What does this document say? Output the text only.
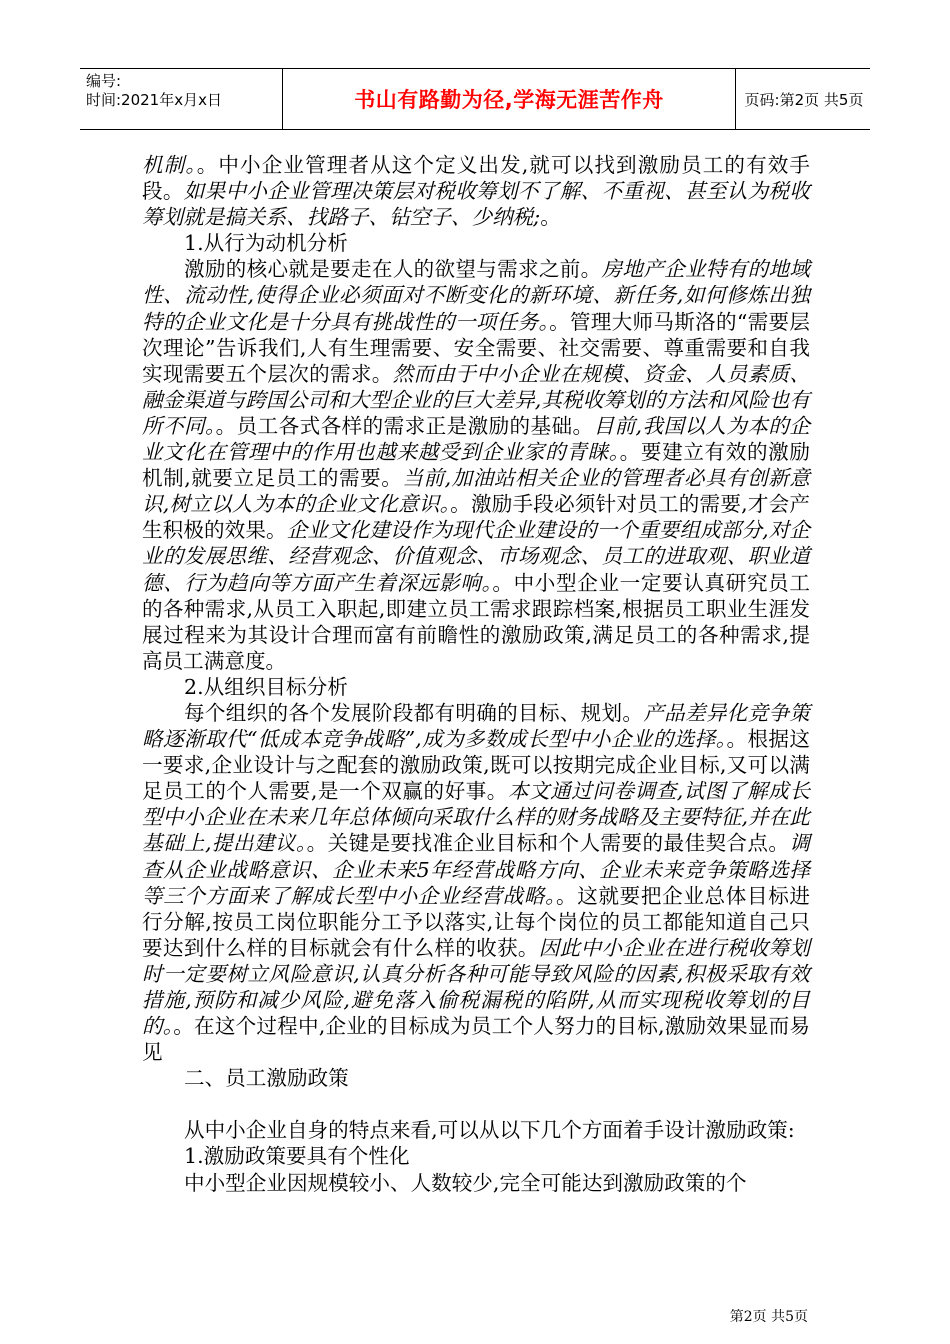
编号:
时间:2021年x月x日	书山有路勤为径,学海无涯苦作舟	页码:第2页 共5页

机制。。中小企业管理者从这个定义出发,就可以找到激励员工的有效手段。如果中小企业管理决策层对税收筹划不了解、不重视、甚至认为税收筹划就是搞关系、找路子、钻空子、少纳税;。

1.从行为动机分析

激励的核心就是要走在人的欲望与需求之前。房地产企业特有的地域性、流动性,使得企业必须面对不断变化的新环境、新任务,如何修炼出独特的企业文化是十分具有挑战性的一项任务。。管理大师马斯洛的“需要层次理论”告诉我们,人有生理需要、安全需要、社交需要、尊重需要和自我实现需要五个层次的需求。然而由于中小企业在规模、资金、人员素质、融金渠道与跨国公司和大型企业的巨大差异,其税收筹划的方法和风险也有所不同。。员工各式各样的需求正是激励的基础。目前,我国以人为本的企业文化在管理中的作用也越来越受到企业家的青睐。。要建立有效的激励机制,就要立足员工的需要。当前,加油站相关企业的管理者必具有创新意识,树立以人为本的企业文化意识。。激励手段必须针对员工的需要,才会产生积极的效果。企业文化建设作为现代企业建设的一个重要组成部分,对企业的发展思维、经营观念、价值观念、市场观念、员工的进取观、职业道德、行为趋向等方面产生着深远影响。。中小型企业一定要认真研究员工的各种需求,从员工入职起,即建立员工需求跟踪档案,根据员工职业生涯发展过程来为其设计合理而富有前瞻性的激励政策,满足员工的各种需求,提高员工满意度。

2.从组织目标分析

每个组织的各个发展阶段都有明确的目标、规划。产品差异化竞争策略逐渐取代“低成本竞争战略”,成为多数成长型中小企业的选择。。根据这一要求,企业设计与之配套的激励政策,既可以按期完成企业目标,又可以满足员工的个人需要,是一个双赢的好事。本文通过问卷调查,试图了解成长型中小企业在未来几年总体倾向采取什么样的财务战略及主要特征,并在此基础上,提出建议。。关键是要找准企业目标和个人需要的最佳契合点。调查从企业战略意识、企业未来5年经营战略方向、企业未来竞争策略选择等三个方面来了解成长型中小企业经营战略。。这就要把企业总体目标进行分解,按员工岗位职能分工予以落实,让每个岗位的员工都能知道自己只要达到什么样的目标就会有什么样的收获。因此中小企业在进行税收筹划时一定要树立风险意识,认真分析各种可能导致风险的因素,积极采取有效措施,预防和减少风险,避免落入偷税漏税的陷阱,从而实现税收筹划的目的。。在这个过程中,企业的目标成为员工个人努力的目标,激励效果显而易见

二、员工激励政策

从中小企业自身的特点来看,可以从以下几个方面着手设计激励政策:

1.激励政策要具有个性化

中小型企业因规模较小、人数较少,完全可能达到激励政策的个

第2页 共5页
